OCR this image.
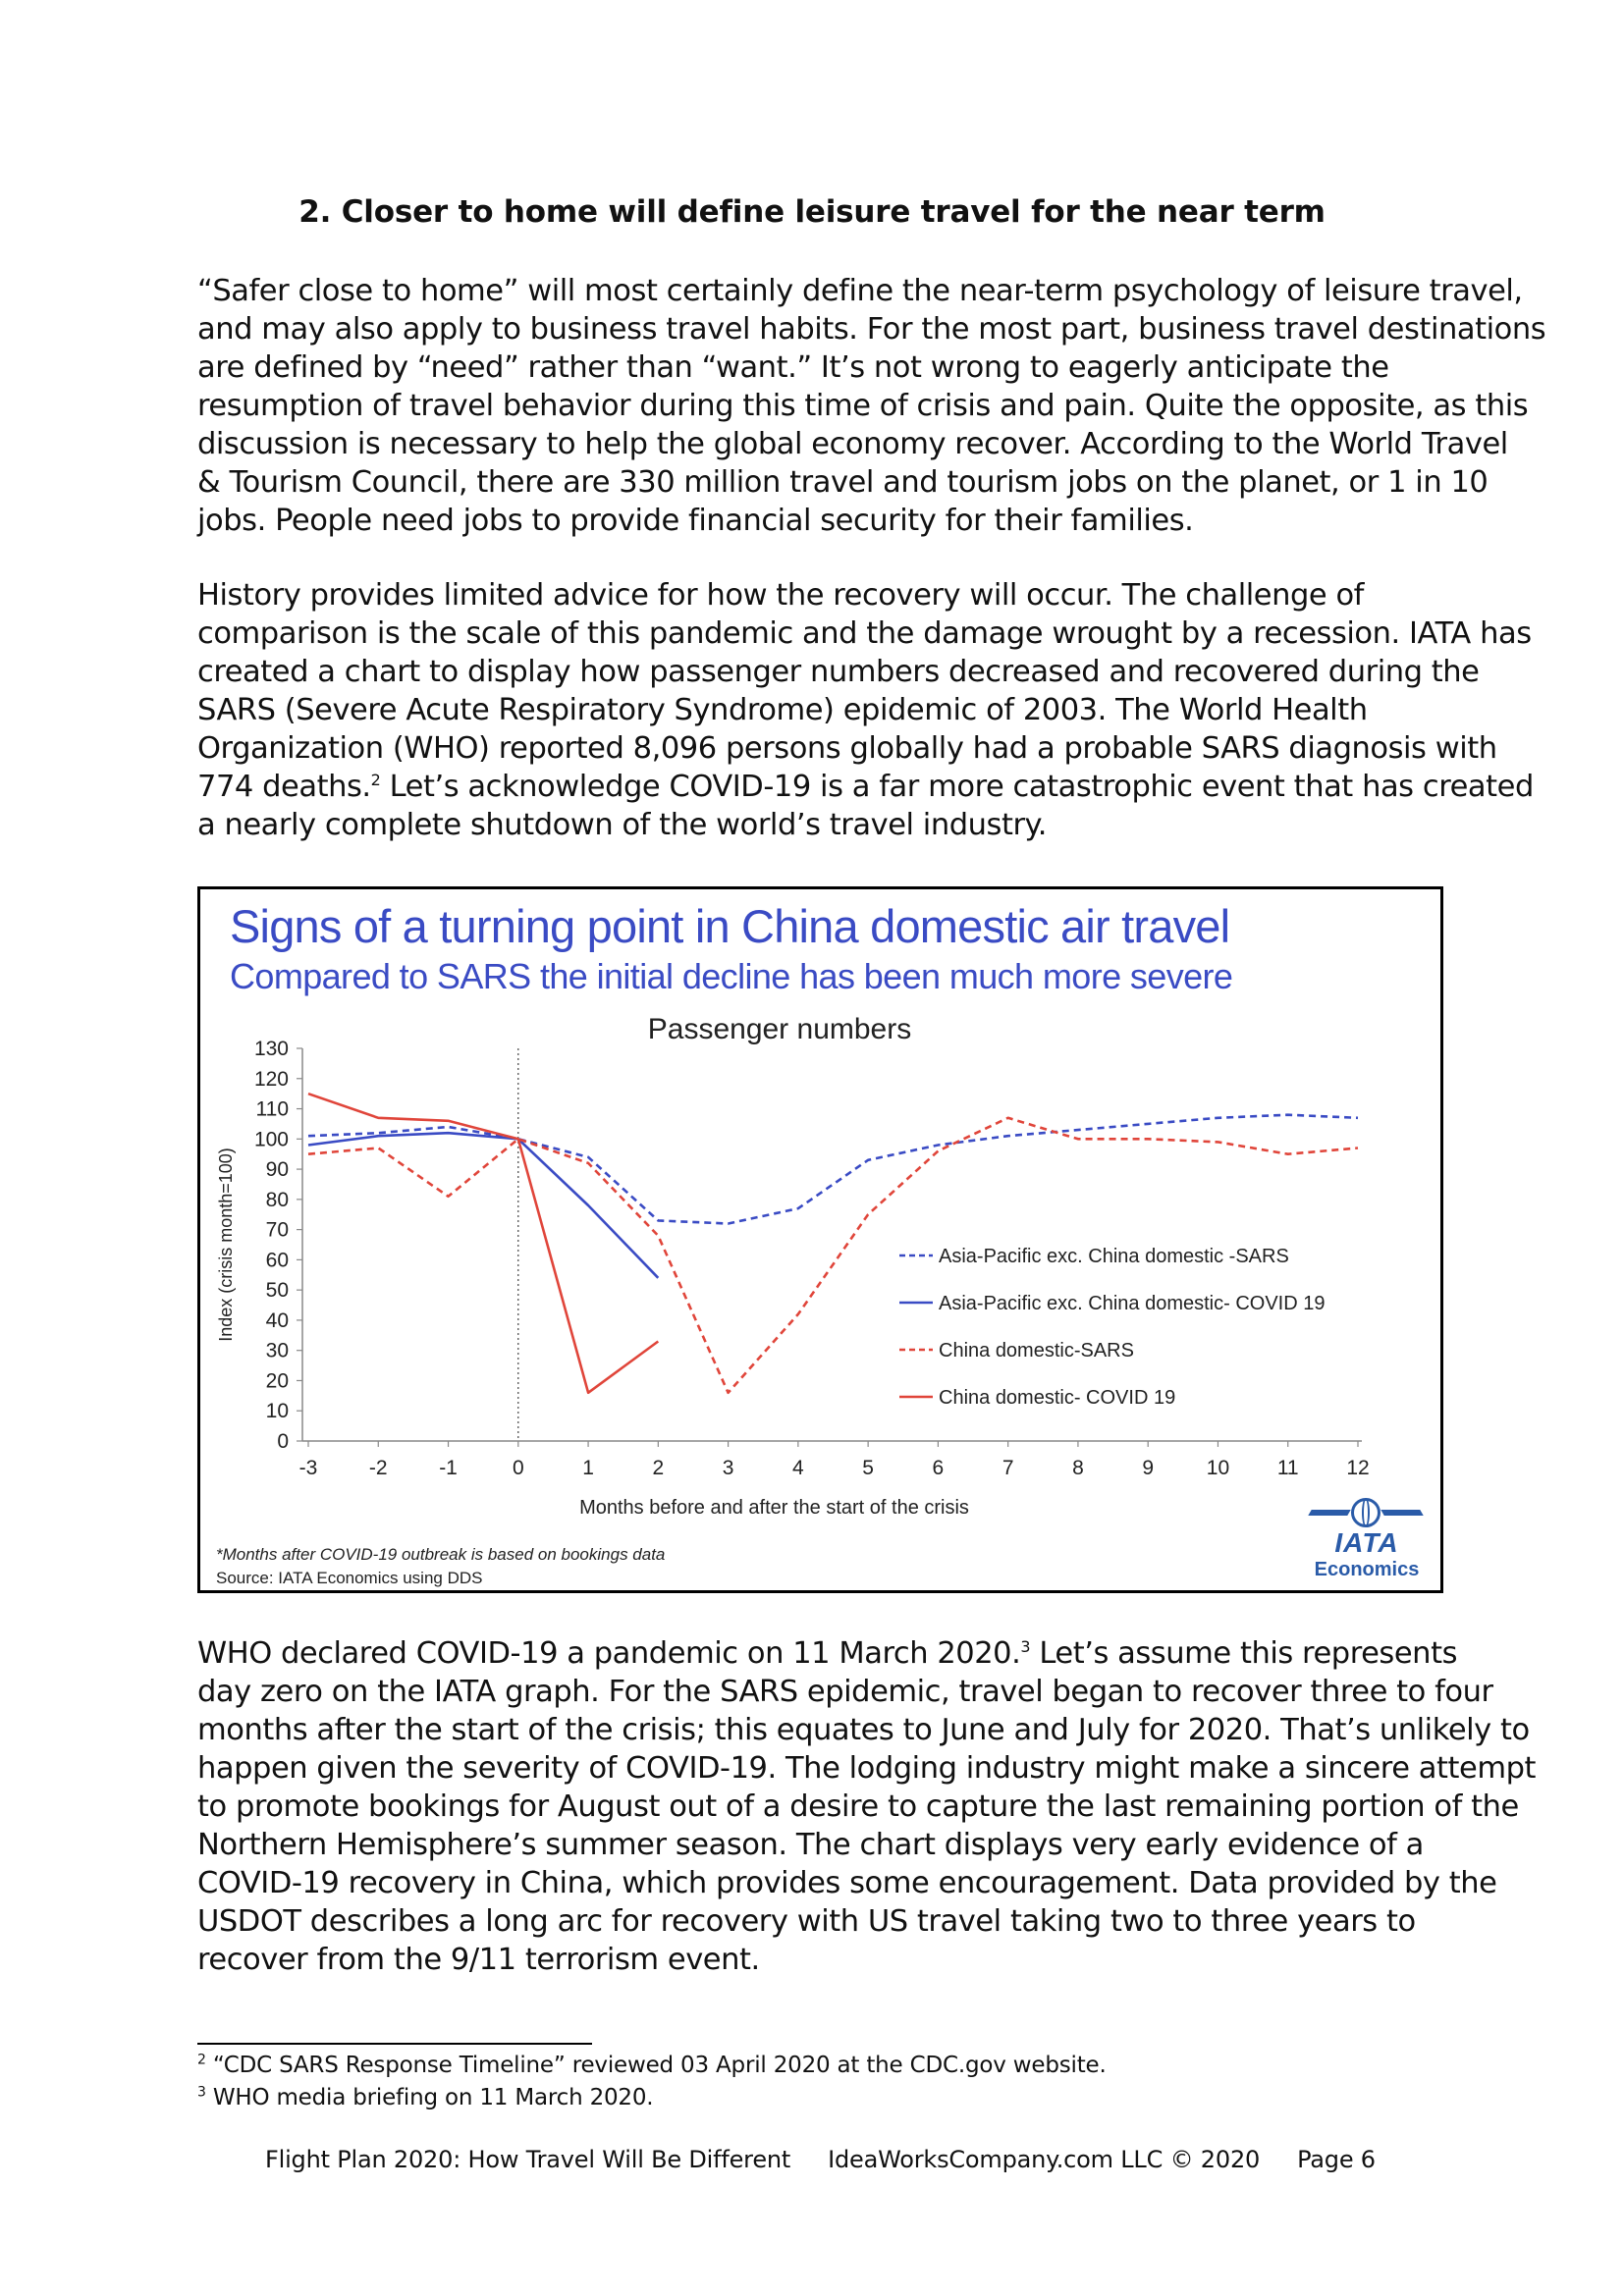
2. Closer to home will define leisure travel for the near term

“Safer close to home” will most certainly define the near-term psychology of leisure travel,

and may also apply to business travel habits. For the most part, business travel destinations

are defined by “need” rather than “want.” It’s not wrong to eagerly anticipate the

resumption of travel behavior during this time of crisis and pain. Quite the opposite, as this

discussion is necessary to help the global economy recover. According to the World Travel

& Tourism Council, there are 330 million travel and tourism jobs on the planet, or 1 in 10

jobs. People need jobs to provide financial security for their families.

History provides limited advice for how the recovery will occur. The challenge of

comparison is the scale of this pandemic and the damage wrought by a recession. IATA has

created a chart to display how passenger numbers decreased and recovered during the

SARS (Severe Acute Respiratory Syndrome) epidemic of 2003. The World Health

Organization (WHO) reported 8,096 persons globally had a probable SARS diagnosis with

774 deaths.$^2$ Let’s acknowledge COVID-19 is a far more catastrophic event that has created

a nearly complete shutdown of the world’s travel industry.

0
10
20
30
40
50
60
70
80
90
100
110
120
130
-3	-2	-1	0	1	2	3	4	5	6	7	8	9	10 11 12
Asia-Pacific exc. China domestic -SARS
Asia-Pacific exc. China domestic- COVID 19
China domestic-SARS
China domestic- COVID 19
Index (crisis month=100)
Months before and after the start of the crisis
Signs of a turning point in China domestic air travel
Compared to SARS the initial decline has been much more severe
Passenger numbers
*Months after COVID-19 outbreak is based on bookings data
Source: IATA Economics using DDS
IATA
Economics

WHO declared COVID-19 a pandemic on 11 March 2020.$^3$ Let’s assume this represents

day zero on the IATA graph. For the SARS epidemic, travel began to recover three to four

months after the start of the crisis; this equates to June and July for 2020. That’s unlikely to

happen given the severity of COVID-19. The lodging industry might make a sincere attempt

to promote bookings for August out of a desire to capture the last remaining portion of the

Northern Hemisphere’s summer season. The chart displays very early evidence of a

COVID-19 recovery in China, which provides some encouragement. Data provided by the

USDOT describes a long arc for recovery with US travel taking two to three years to

recover from the 9/11 terrorism event.

$^2$ “CDC SARS Response Timeline” reviewed 03 April 2020 at the CDC.gov website.

$^3$ WHO media briefing on 11 March 2020.

Flight Plan 2020: How Travel Will Be Different IdeaWorksCompany.com LLC © 2020 Page 6
